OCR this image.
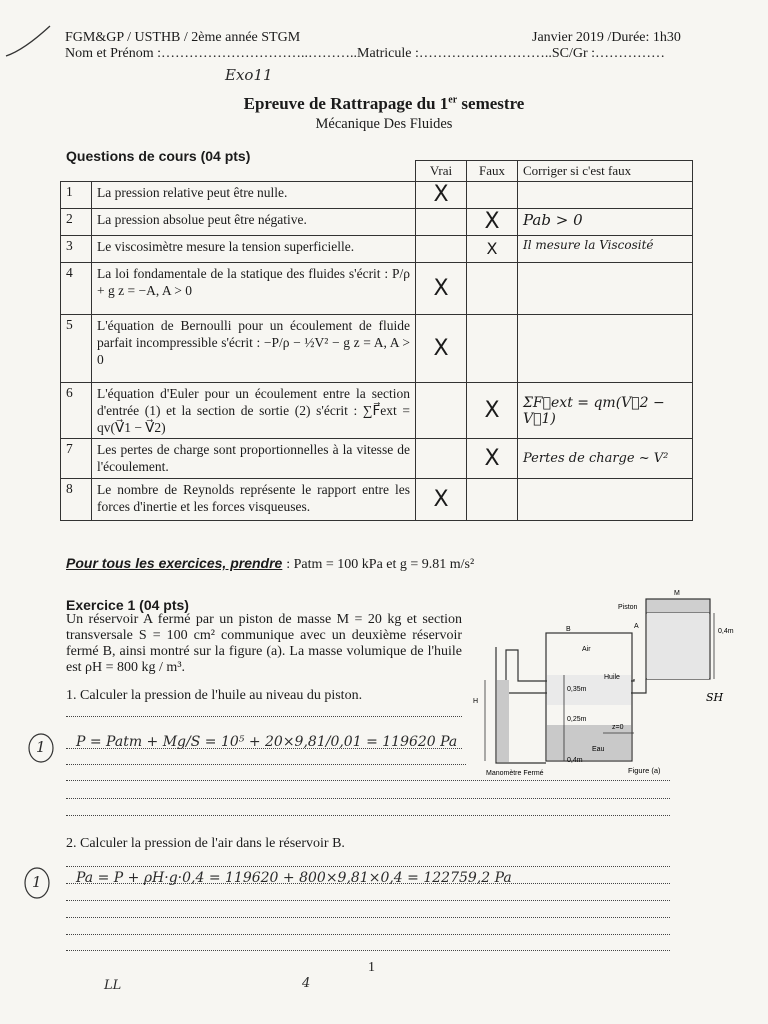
FGM&GP / USTHB / 2ème année STGM	Janvier 2019 /Durée: 1h30
Nom et Prénom :…………………………..………..Matricule :………………………..SC/Gr :……………
Exo11
Epreuve de Rattrapage du 1er semestre
Mécanique Des Fluides
Questions de cours (04 pts)
		Vrai	Faux	Corriger si c'est faux
1	La pression relative peut être nulle.	X		
2	La pression absolue peut être négative.		X	Pab > 0
3	Le viscosimètre mesure la tension superficielle.		X	Il mesure la Viscosité
4	La loi fondamentale de la statique des fluides s'écrit : P/ρ + g z = −A, A > 0	X		
5	L'équation de Bernoulli pour un écoulement de fluide parfait incompressible s'écrit : −P/ρ − ½V² − g z = A, A > 0	X		
6	L'équation d'Euler pour un écoulement entre la section d'entrée (1) et la section de sortie (2) s'écrit : ∑F⃗ext = qv(V⃗1 − V⃗2)		X	ΣF⃗ext = qm(V⃗2 − V⃗1)
7	Les pertes de charge sont proportionnelles à la vitesse de l'écoulement.		X	Pertes de charge ~ V²
8	Le nombre de Reynolds représente le rapport entre les forces d'inertie et les forces visqueuses.	X		
Pour tous les exercices, prendre : Patm = 100 kPa et g = 9.81 m/s²
Exercice 1 (04 pts)
Un réservoir A fermé par un piston de masse M = 20 kg et section transversale S = 100 cm² communique avec un deuxième réservoir fermé B, ainsi montré sur la figure (a). La masse volumique de l'huile est ρH = 800 kg / m³.
1. Calculer la pression de l'huile au niveau du piston.
M
Piston
A
0,4m
B
Air
Huile
0,35m
0,25m
z=0
Eau
0,4m
H
Manomètre Fermé	Figure (a)
SH
1 P = Patm + Mg/S = 10⁵ + 20×9,81/0,01 = 119620 Pa
2. Calculer la pression de l'air dans le réservoir B.
1 Pa = P + ρH·g·0,4 = 119620 + 800×9,81×0,4 = 122759,2 Pa
1
LL	4
